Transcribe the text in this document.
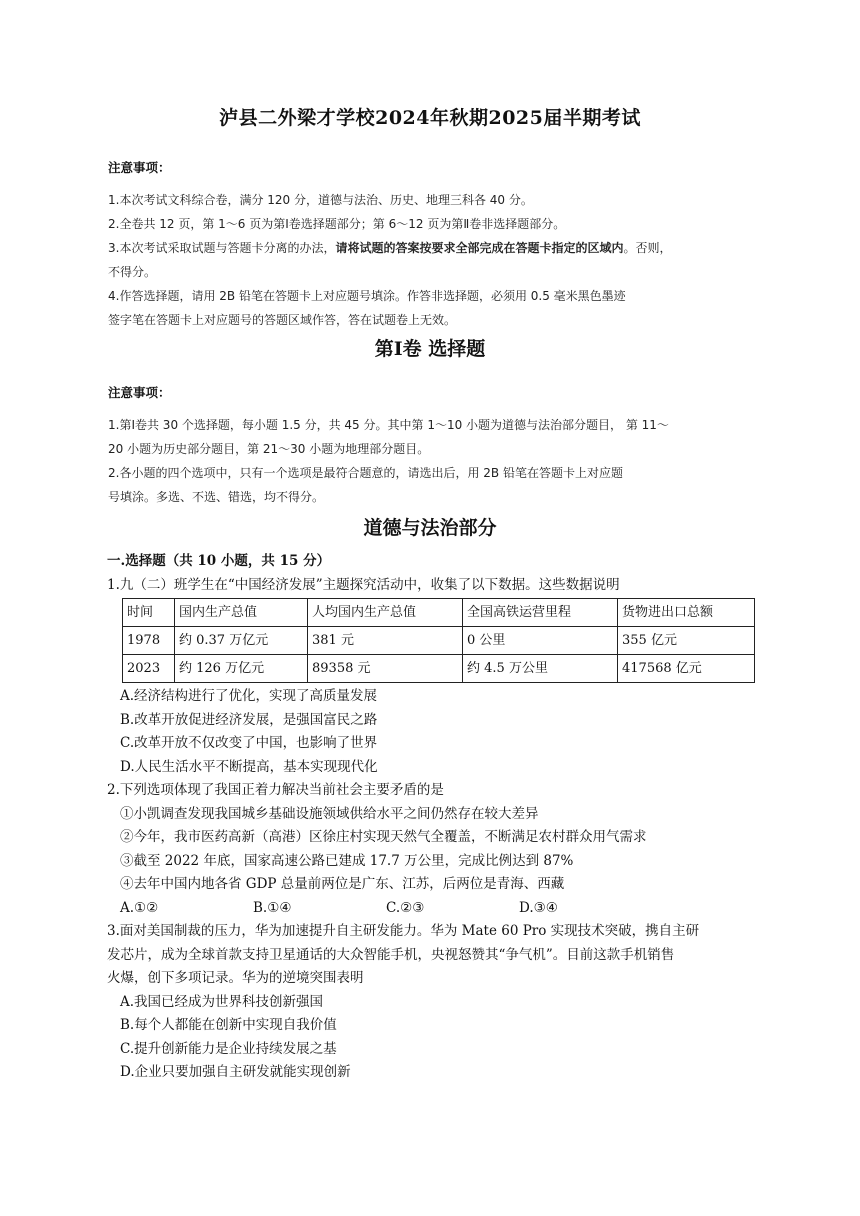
泸县二外梁才学校2024年秋期2025届半期考试
注意事项：

1.本次考试文科综合卷，满分 120 分，道德与法治、历史、地理三科各 40 分。

2.全卷共 12 页，第 1～6 页为第Ⅰ卷选择题部分；第 6～12 页为第Ⅱ卷非选择题部分。

3.本次考试采取试题与答题卡分离的办法，请将试题的答案按要求全部完成在答题卡指定的区域内。否则，

不得分。

4.作答选择题，请用 2B 铅笔在答题卡上对应题号填涂。作答非选择题，必须用 0.5 毫米黑色墨迹

签字笔在答题卡上对应题号的答题区域作答，答在试题卷上无效。

第Ⅰ卷 选择题
注意事项：

1.第Ⅰ卷共 30 个选择题，每小题 1.5 分，共 45 分。其中第 1～10 小题为道德与法治部分题目， 第 11～

20 小题为历史部分题目，第 21～30 小题为地理部分题目。

2.各小题的四个选项中，只有一个选项是最符合题意的，请选出后，用 2B 铅笔在答题卡上对应题

号填涂。多选、不选、错选，均不得分。

道德与法治部分

一.选择题（共 10 小题，共 15 分）

1.九（二）班学生在“中国经济发展”主题探究活动中，收集了以下数据。这些数据说明

时间	国内生产总值	人均国内生产总值	全国高铁运营里程	货物进出口总额
1978	约 0.37 万亿元	381 元	0 公里	355 亿元
2023	约 126 万亿元	89358 元	约 4.5 万公里	417568 亿元

A.经济结构进行了优化，实现了高质量发展

B.改革开放促进经济发展，是强国富民之路

C.改革开放不仅改变了中国，也影响了世界

D.人民生活水平不断提高，基本实现现代化

2.下列选项体现了我国正着力解决当前社会主要矛盾的是

①小凯调查发现我国城乡基础设施领域供给水平之间仍然存在较大差异

②今年，我市医药高新（高港）区徐庄村实现天然气全覆盖，不断满足农村群众用气需求

③截至 2022 年底，国家高速公路已建成 17.7 万公里，完成比例达到 87%

④去年中国内地各省 GDP 总量前两位是广东、江苏，后两位是青海、西藏

A.①②	B.①④	C.②③	D.③④

3.面对美国制裁的压力，华为加速提升自主研发能力。华为 Mate 60 Pro 实现技术突破，携自主研

发芯片，成为全球首款支持卫星通话的大众智能手机，央视怒赞其“争气机”。目前这款手机销售

火爆，创下多项记录。华为的逆境突围表明

A.我国已经成为世界科技创新强国

B.每个人都能在创新中实现自我价值

C.提升创新能力是企业持续发展之基

D.企业只要加强自主研发就能实现创新
